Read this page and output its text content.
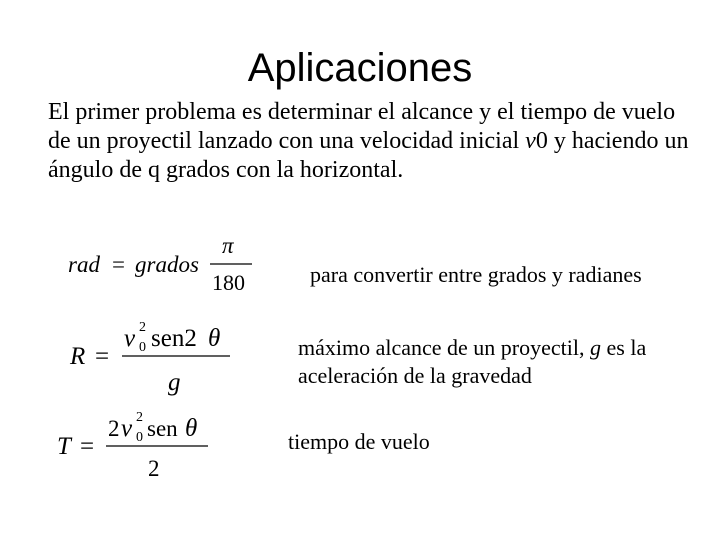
Aplicaciones

El primer problema es determinar el alcance y el tiempo de vuelo de un proyectil lanzado con una velocidad inicial v0 y haciendo un ángulo de q grados con la horizontal.

rad = grados
π
180
R =
v 2
0 sen2 θ
g
T =
2 v 2
0 sen θ
2
para convertir entre grados y radianes
máximo alcance de un proyectil, g es la aceleración de la gravedad
tiempo de vuelo
